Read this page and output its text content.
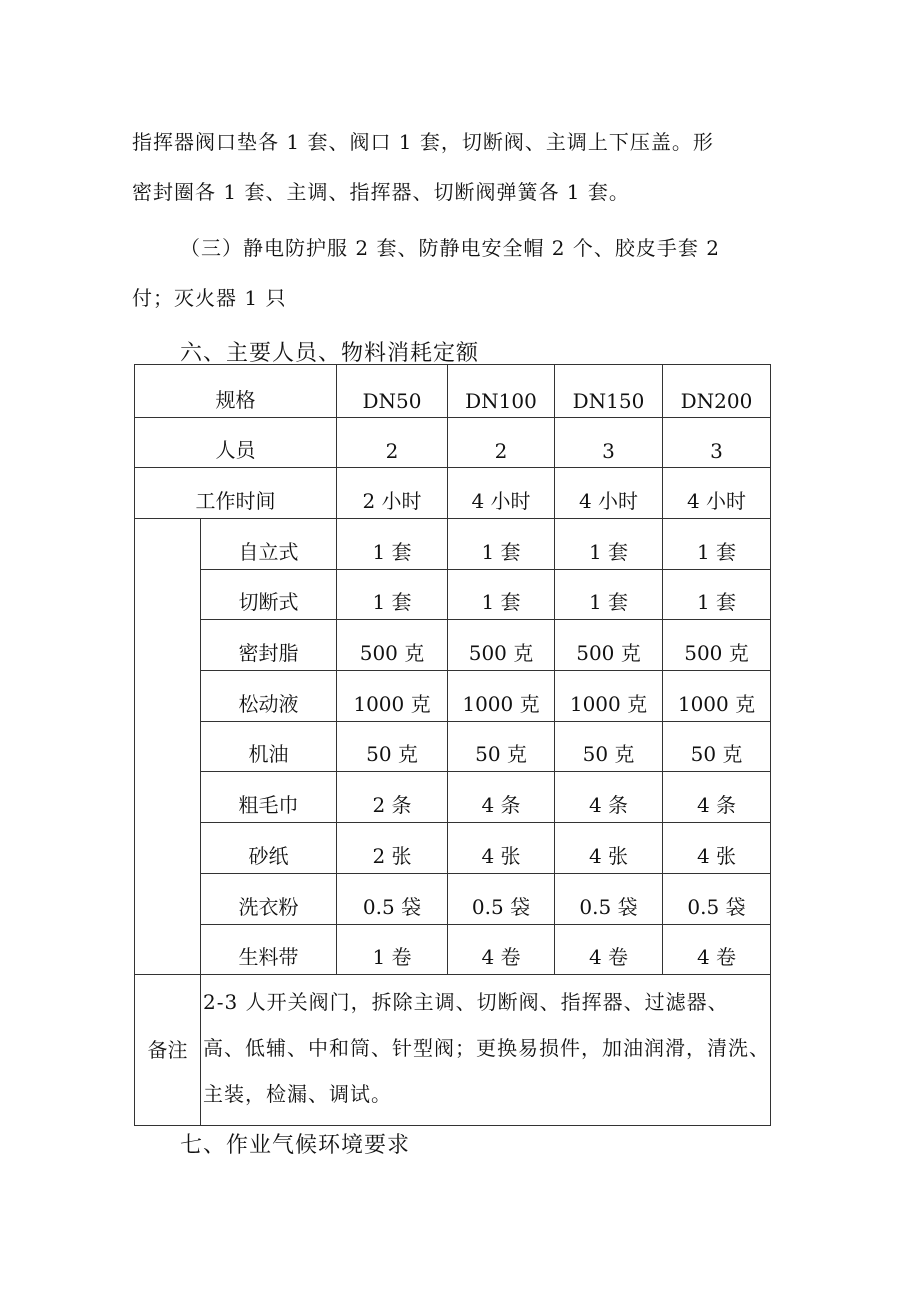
指挥器阀口垫各 1 套、阀口 1 套，切断阀、主调上下压盖。形

密封圈各 1 套、主调、指挥器、切断阀弹簧各 1 套。

（三）静电防护服 2 套、防静电安全帽 2 个、胶皮手套 2

付；灭火器 1 只

六、主要人员、物料消耗定额

规格		DN50	DN100	DN150	DN200

人员		2	2	3	3

工作时间		2 小时	4 小时	4 小时	4 小时

	自立式	1 套	1 套	1 套	1 套

	切断式	1 套	1 套	1 套	1 套

	密封脂	500 克	500 克	500 克	500 克

	松动液	1000 克	1000 克	1000 克	1000 克

	机油	50 克	50 克	50 克	50 克

	粗毛巾	2 条	4 条	4 条	4 条

	砂纸	2 张	4 张	4 张	4 张

	洗衣粉	0.5 袋	0.5 袋	0.5 袋	0.5 袋

	生料带	1 卷	4 卷	4 卷	4 卷

备注	2-3 人开关阀门，拆除主调、切断阀、指挥器、过滤器、高、低辅、中和筒、针型阀；更换易损件，加油润滑，清洗、主装，检漏、调试。				

七、作业气候环境要求
